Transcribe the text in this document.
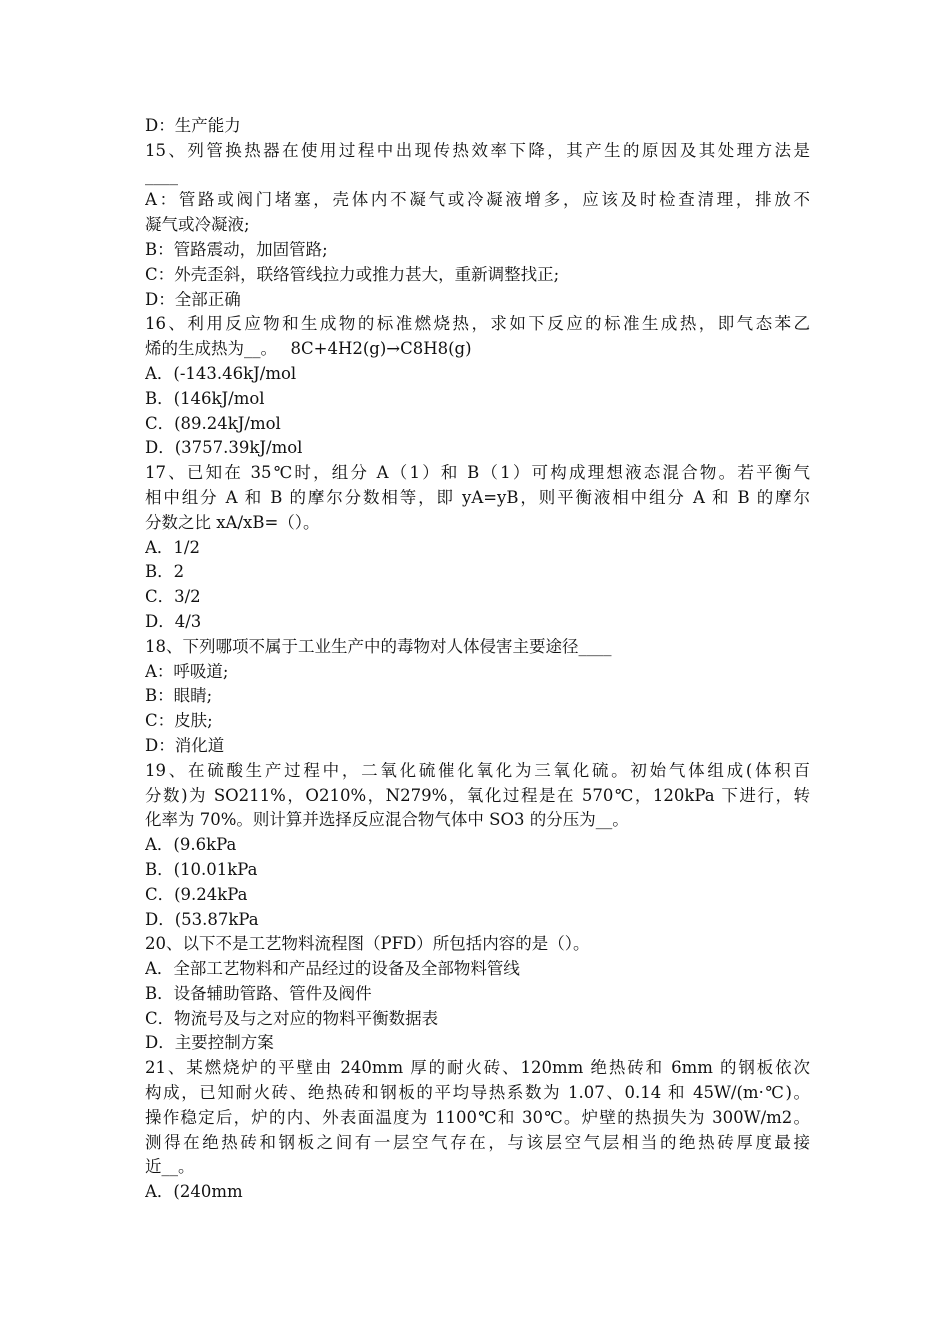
D：生产能力
15、列管换热器在使用过程中出现传热效率下降，其产生的原因及其处理方法是
____
A：管路或阀门堵塞，壳体内不凝气或冷凝液增多，应该及时检查清理，排放不
凝气或冷凝液;
B：管路震动，加固管路;
C：外壳歪斜，联络管线拉力或推力甚大，重新调整找正;
D：全部正确
16、利用反应物和生成物的标准燃烧热，求如下反应的标准生成热，即气态苯乙
烯的生成热为__。　 8C+4H2(g)→C8H8(g)
A．(-143.46kJ/mol
B．(146kJ/mol
C．(89.24kJ/mol
D．(3757.39kJ/mol
17、已知在 35℃时，组分 A（1）和 B（1）可构成理想液态混合物。若平衡气
相中组分 A 和 B 的摩尔分数相等，即 yA=yB，则平衡液相中组分 A 和 B 的摩尔
分数之比 xA/xB=（）。
A．1/2
B．2
C．3/2
D．4/3
18、下列哪项不属于工业生产中的毒物对人体侵害主要途径____
A：呼吸道;
B：眼睛;
C：皮肤;
D：消化道
19、在硫酸生产过程中，二氧化硫催化氧化为三氧化硫。初始气体组成(体积百
分数)为 SO211%，O210%，N279%，氧化过程是在 570℃，120kPa 下进行，转
化率为 70%。则计算并选择反应混合物气体中 SO3 的分压为__。
A．(9.6kPa
B．(10.01kPa
C．(9.24kPa
D．(53.87kPa
20、以下不是工艺物料流程图（PFD）所包括内容的是（）。
A．全部工艺物料和产品经过的设备及全部物料管线
B．设备辅助管路、管件及阀件
C．物流号及与之对应的物料平衡数据表
D．主要控制方案
21、某燃烧炉的平壁由 240mm 厚的耐火砖、120mm 绝热砖和 6mm 的钢板依次
构成，已知耐火砖、绝热砖和钢板的平均导热系数为 1.07、0.14 和 45W/(m·℃)。
操作稳定后，炉的内、外表面温度为 1100℃和 30℃。炉壁的热损失为 300W/m2。
测得在绝热砖和钢板之间有一层空气存在，与该层空气层相当的绝热砖厚度最接
近__。
A．(240mm
